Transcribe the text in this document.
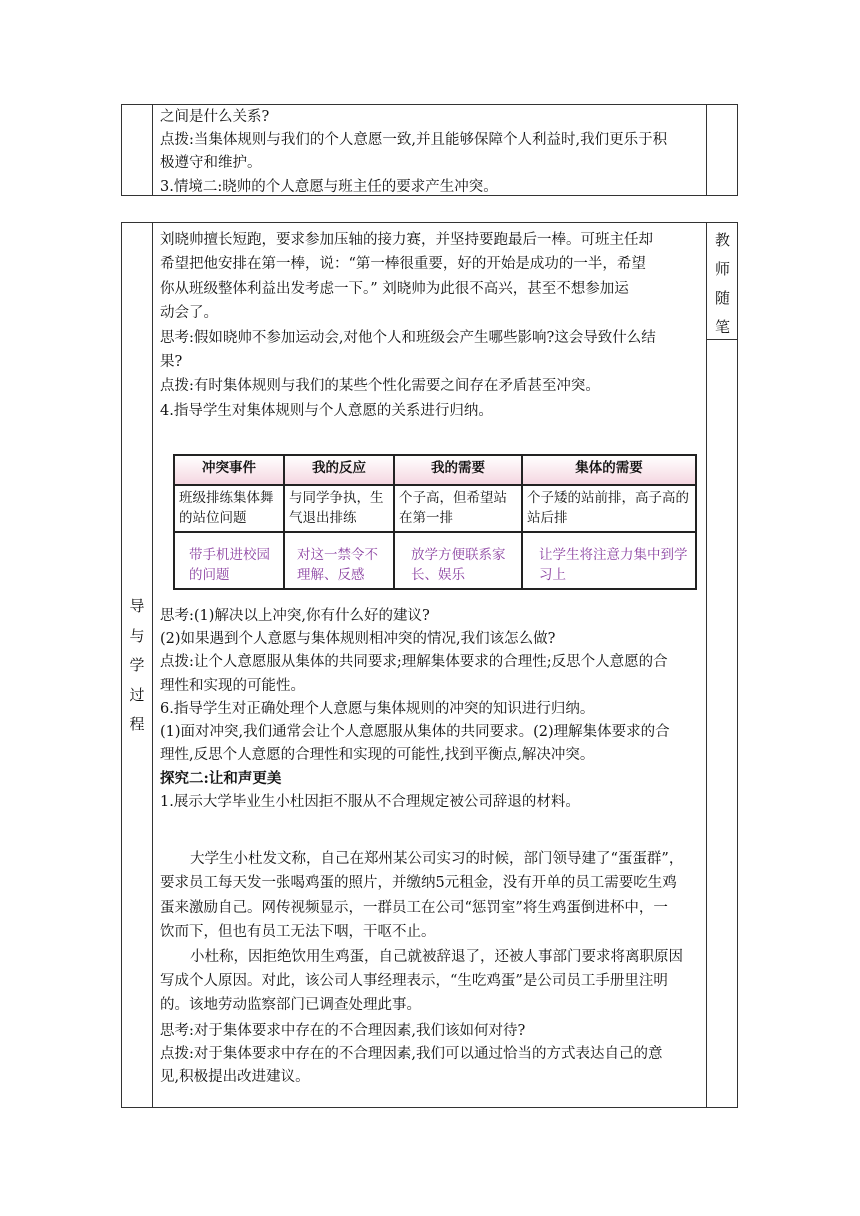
之间是什么关系?
点拨:当集体规则与我们的个人意愿一致,并且能够保障个人利益时,我们更乐于积
极遵守和维护。
3.情境二:晓帅的个人意愿与班主任的要求产生冲突。
导
与
学
过
程
教
师
随
笔
刘晓帅擅长短跑，要求参加压轴的接力赛，并坚持要跑最后一棒。可班主任却
希望把他安排在第一棒，说：“第一棒很重要，好的开始是成功的一半，希望
你从班级整体利益出发考虑一下。” 刘晓帅为此很不高兴，甚至不想参加运
动会了。
思考:假如晓帅不参加运动会,对他个人和班级会产生哪些影响?这会导致什么结
果?
点拨:有时集体规则与我们的某些个性化需要之间存在矛盾甚至冲突。
4.指导学生对集体规则与个人意愿的关系进行归纳。
冲突事件	我的反应	我的需要	集体的需要
班级排练集体舞的站位问题	与同学争执，生气退出排练	个子高，但希望站在第一排	个子矮的站前排，高子高的站后排
带手机进校园的问题	对这一禁令不理解、反感	放学方便联系家长、娱乐	让学生将注意力集中到学习上
思考:(1)解决以上冲突,你有什么好的建议?
(2)如果遇到个人意愿与集体规则相冲突的情况,我们该怎么做?
点拨:让个人意愿服从集体的共同要求;理解集体要求的合理性;反思个人意愿的合
理性和实现的可能性。
6.指导学生对正确处理个人意愿与集体规则的冲突的知识进行归纳。
(1)面对冲突,我们通常会让个人意愿服从集体的共同要求。(2)理解集体要求的合
理性,反思个人意愿的合理性和实现的可能性,找到平衡点,解决冲突。
探究二:让和声更美
1.展示大学毕业生小杜因拒不服从不合理规定被公司辞退的材料。
大学生小杜发文称，自己在郑州某公司实习的时候，部门领导建了“蛋蛋群”，
要求员工每天发一张喝鸡蛋的照片，并缴纳5元租金，没有开单的员工需要吃生鸡
蛋来激励自己。网传视频显示，一群员工在公司“惩罚室”将生鸡蛋倒进杯中，一
饮而下，但也有员工无法下咽，干呕不止。
小杜称，因拒绝饮用生鸡蛋，自己就被辞退了，还被人事部门要求将离职原因
写成个人原因。对此，该公司人事经理表示，“生吃鸡蛋”是公司员工手册里注明
的。该地劳动监察部门已调查处理此事。
思考:对于集体要求中存在的不合理因素,我们该如何对待?
点拨:对于集体要求中存在的不合理因素,我们可以通过恰当的方式表达自己的意
见,积极提出改进建议。
